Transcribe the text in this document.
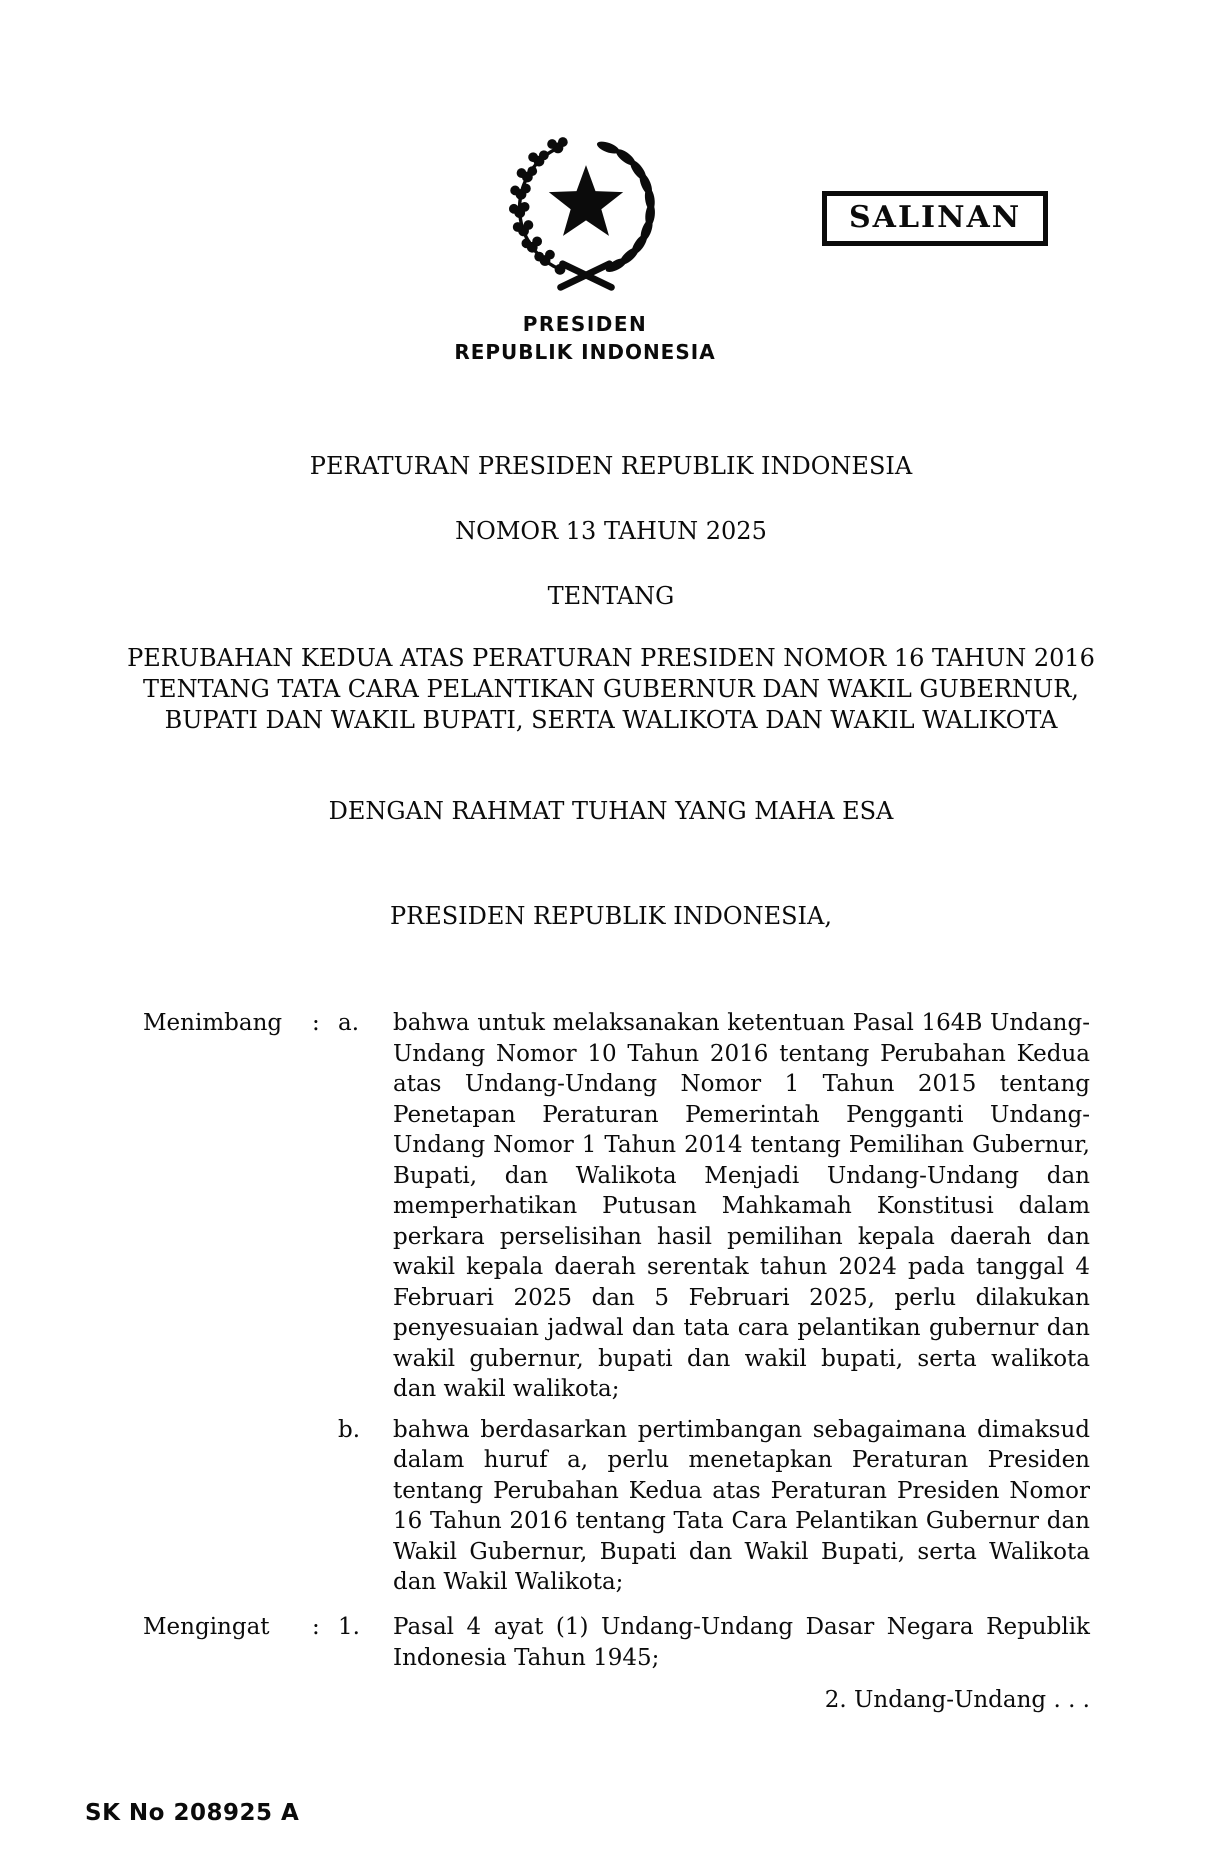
PRESIDEN
REPUBLIK INDONESIA
SALINAN
PERATURAN PRESIDEN REPUBLIK INDONESIA
NOMOR 13 TAHUN 2025
TENTANG
PERUBAHAN KEDUA ATAS PERATURAN PRESIDEN NOMOR 16 TAHUN 2016
TENTANG TATA CARA PELANTIKAN GUBERNUR DAN WAKIL GUBERNUR,
BUPATI DAN WAKIL BUPATI, SERTA WALIKOTA DAN WAKIL WALIKOTA
DENGAN RAHMAT TUHAN YANG MAHA ESA
PRESIDEN REPUBLIK INDONESIA,
Menimbang	: a.	bahwa untuk melaksanakan ketentuan Pasal 164B Undang-Undang Nomor 10 Tahun 2016 tentang Perubahan Kedua atas Undang-Undang Nomor 1 Tahun 2015 tentang Penetapan Peraturan Pemerintah Pengganti Undang-Undang Nomor 1 Tahun 2014 tentang Pemilihan Gubernur, Bupati, dan Walikota Menjadi Undang-Undang dan memperhatikan Putusan Mahkamah Konstitusi dalam perkara perselisihan hasil pemilihan kepala daerah dan wakil kepala daerah serentak tahun 2024 pada tanggal 4 Februari 2025 dan 5 Februari 2025, perlu dilakukan penyesuaian jadwal dan tata cara pelantikan gubernur dan wakil gubernur, bupati dan wakil bupati, serta walikota dan wakil walikota;
b.	bahwa berdasarkan pertimbangan sebagaimana dimaksud dalam huruf a, perlu menetapkan Peraturan Presiden tentang Perubahan Kedua atas Peraturan Presiden Nomor 16 Tahun 2016 tentang Tata Cara Pelantikan Gubernur dan Wakil Gubernur, Bupati dan Wakil Bupati, serta Walikota dan Wakil Walikota;
Mengingat	: 1.	Pasal 4 ayat (1) Undang-Undang Dasar Negara Republik Indonesia Tahun 1945;
2. Undang-Undang . . .
SK No 208925 A
